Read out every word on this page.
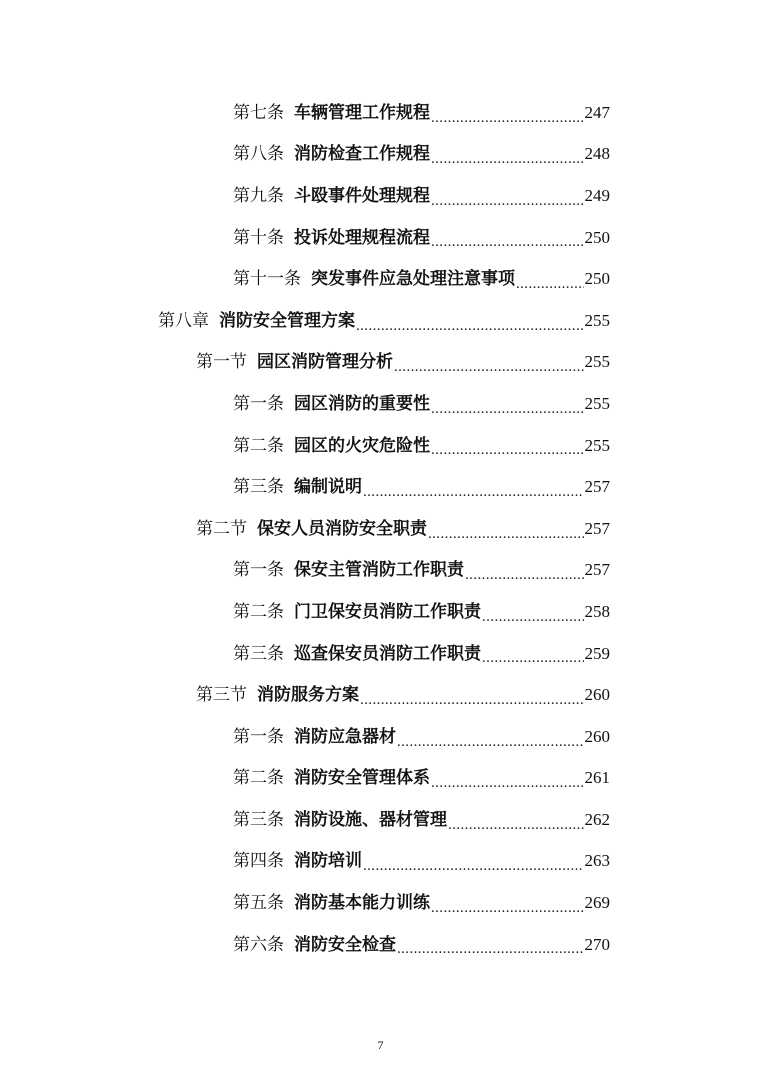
第七条 车辆管理工作规程 .....	247
第八条 消防检查工作规程 .....	248
第九条 斗殴事件处理规程 .....	249
第十条 投诉处理规程流程 .....	250
第十一条 突发事件应急处理注意事项 .....	250
第八章 消防安全管理方案 .....	255
第一节 园区消防管理分析 .....	255
第一条 园区消防的重要性 .....	255
第二条 园区的火灾危险性 .....	255
第三条 编制说明 .....	257
第二节 保安人员消防安全职责 .....	257
第一条 保安主管消防工作职责 .....	257
第二条 门卫保安员消防工作职责 .....	258
第三条 巡查保安员消防工作职责 .....	259
第三节 消防服务方案 .....	260
第一条 消防应急器材 .....	260
第二条 消防安全管理体系 .....	261
第三条 消防设施、器材管理 .....	262
第四条 消防培训 .....	263
第五条 消防基本能力训练 .....	269
第六条 消防安全检查 .....	270
7
